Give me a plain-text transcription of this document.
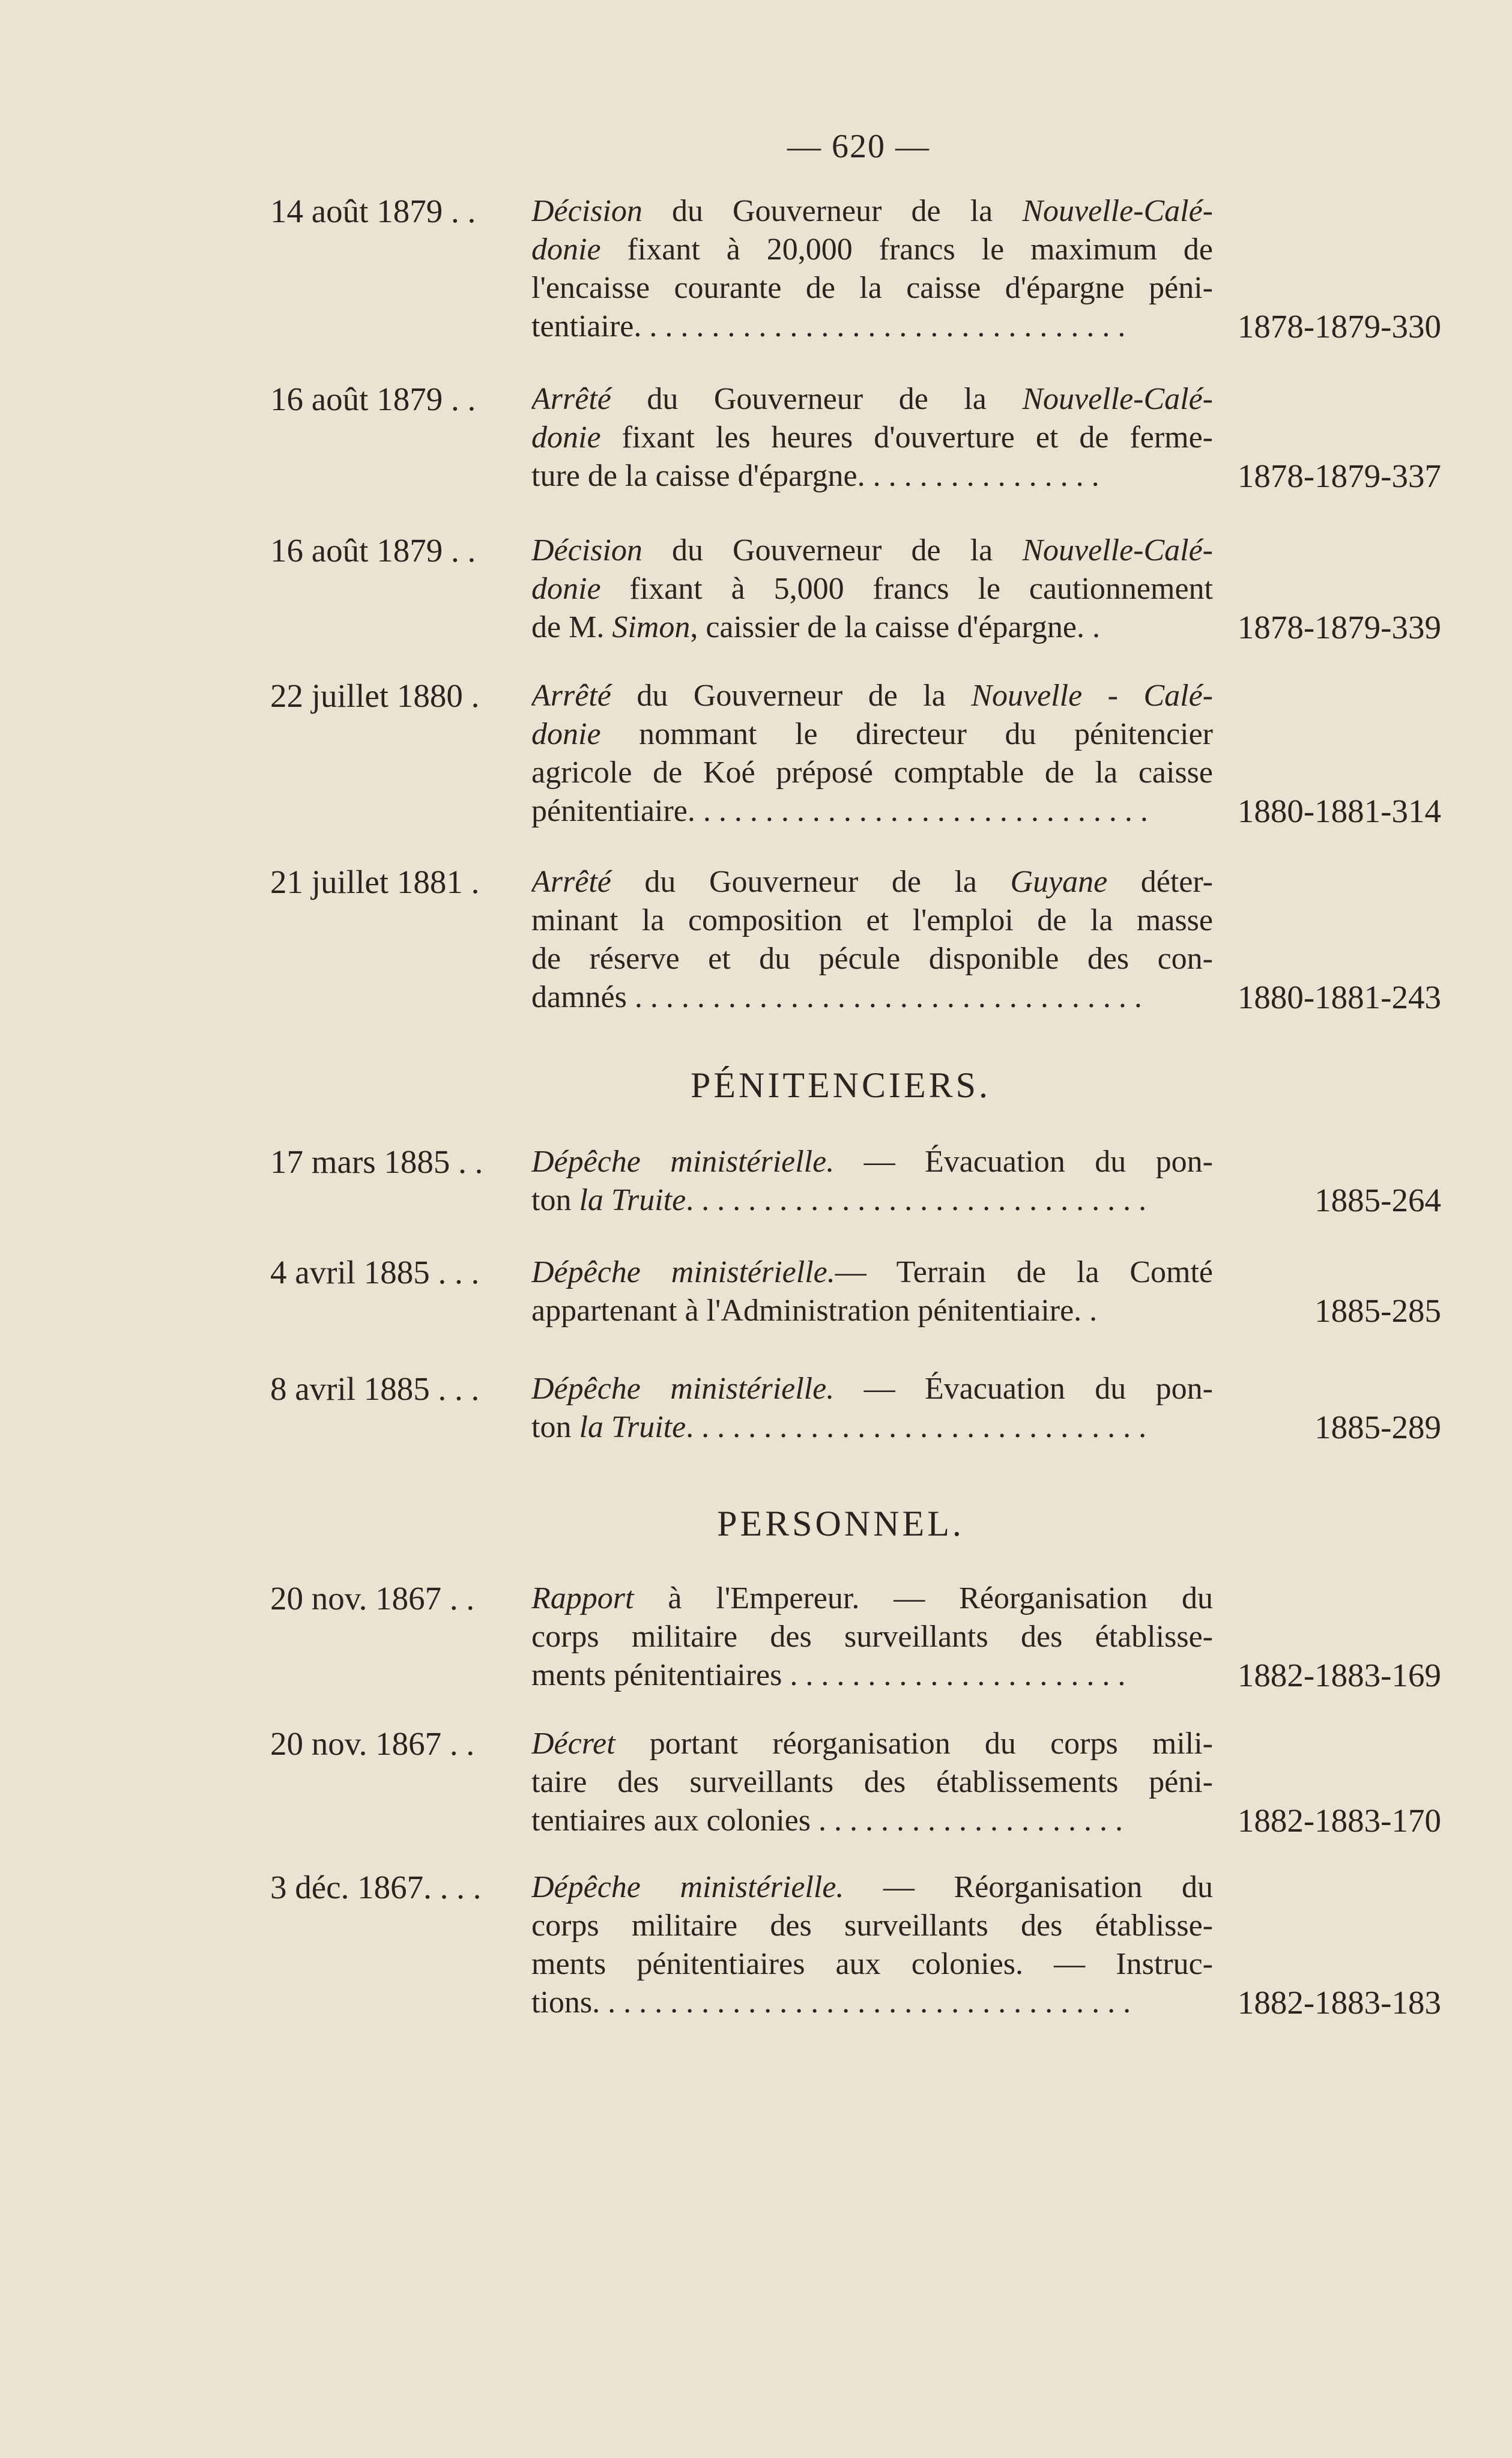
— 620 —
14 août 1879 . .	Décision du Gouverneur de la Nouvelle-Calé-
donie fixant à 20,000 francs le maximum de
l'encaisse courante de la caisse d'épargne péni-
tentiaire. . . . . . . . . . . . . . . . . . . . . . . . . . . . . . . .	1878-1879-330
16 août 1879 . .	Arrêté du Gouverneur de la Nouvelle-Calé-
donie fixant les heures d'ouverture et de ferme-
ture de la caisse d'épargne. . . . . . . . . . . . . . . .	1878-1879-337
16 août 1879 . .	Décision du Gouverneur de la Nouvelle-Calé-
donie fixant à 5,000 francs le cautionnement
de M. Simon, caissier de la caisse d'épargne. .	1878-1879-339
22 juillet 1880 .	Arrêté du Gouverneur de la Nouvelle - Calé-
donie nommant le directeur du pénitencier
agricole de Koé préposé comptable de la caisse
pénitentiaire. . . . . . . . . . . . . . . . . . . . . . . . . . . . . .	1880-1881-314
21 juillet 1881 .	Arrêté du Gouverneur de la Guyane déter-
minant la composition et l'emploi de la masse
de réserve et du pécule disponible des con-
damnés . . . . . . . . . . . . . . . . . . . . . . . . . . . . . . . . .	1880-1881-243
PÉNITENCIERS.
17 mars 1885 . .	Dépêche ministérielle. — Évacuation du pon-
ton la Truite. . . . . . . . . . . . . . . . . . . . . . . . . . . . . .	1885-264
4 avril 1885 . . .	Dépêche ministérielle.— Terrain de la Comté
appartenant à l'Administration pénitentiaire. .	1885-285
8 avril 1885 . . .	Dépêche ministérielle. — Évacuation du pon-
ton la Truite. . . . . . . . . . . . . . . . . . . . . . . . . . . . . .	1885-289
PERSONNEL.
20 nov. 1867 . .	Rapport à l'Empereur. — Réorganisation du
corps militaire des surveillants des établisse-
ments pénitentiaires . . . . . . . . . . . . . . . . . . . . . .	1882-1883-169
20 nov. 1867 . .	Décret portant réorganisation du corps mili-
taire des surveillants des établissements péni-
tentiaires aux colonies . . . . . . . . . . . . . . . . . . . .	1882-1883-170
3 déc. 1867. . . .	Dépêche ministérielle. — Réorganisation du
corps militaire des surveillants des établisse-
ments pénitentiaires aux colonies. — Instruc-
tions. . . . . . . . . . . . . . . . . . . . . . . . . . . . . . . . . . .	1882-1883-183
